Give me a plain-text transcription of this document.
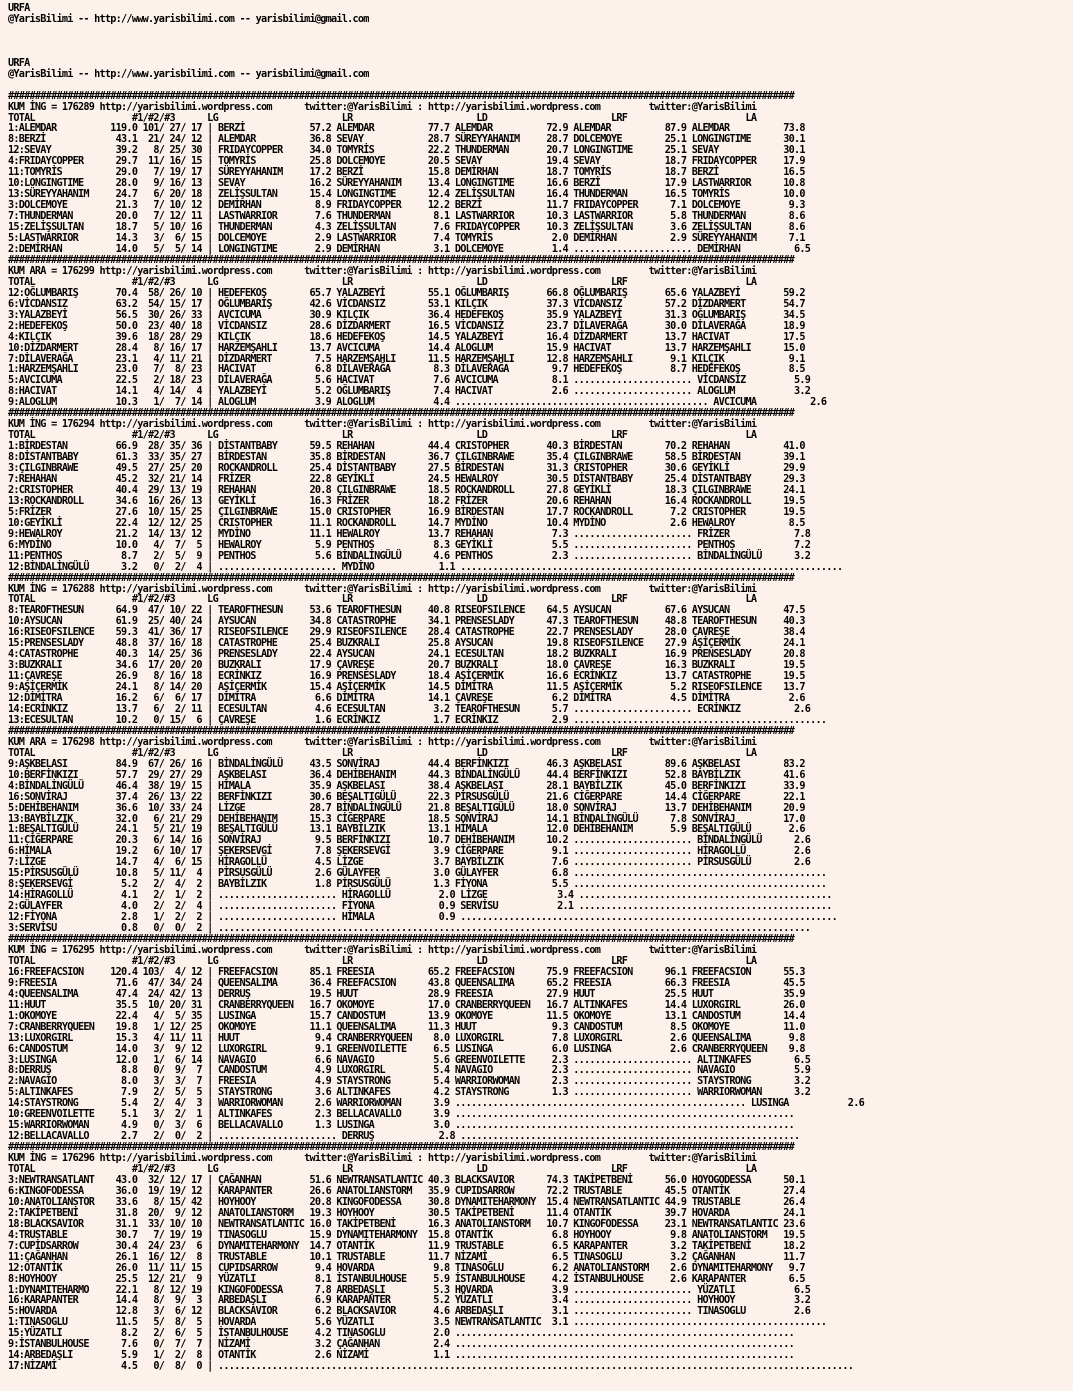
URFA
@YarisBilimi -- http://www.yarisbilimi.com -- yarisbilimi@gmail.com

URFA
@YarisBilimi -- http://www.yarisbilimi.com -- yarisbilimi@gmail.com

##################################################################################################################################################
KUM İNG = 176289 http://yarisbilimi.wordpress.com      twitter:@YarisBilimi : http://yarisbilimi.wordpress.com         twitter:@YarisBilimi
TOTAL                  #1/#2/#3      LG                       LR                       LD                       LRF                      LA
1:ALEMDAR          119.0 101/ 27/ 17 | BERZİ            57.2 ALEMDAR          77.7 ALEMDAR          72.9 ALEMDAR          87.9 ALEMDAR          73.8
8:BERZİ             43.1  21/ 24/ 12 | ALEMDAR          36.8 SEVAY            28.7 SÜREYYAHANIM     28.7 DOLCEMOYE        25.1 LONGINGTIME      30.1
12:SEVAY            39.2   8/ 25/ 30 | FRIDAYCOPPER     34.0 TOMYRİS          22.2 THUNDERMAN       20.7 LONGINGTIME      25.1 SEVAY            30.1
4:FRIDAYCOPPER      29.7  11/ 16/ 15 | TOMYRİS          25.8 DOLCEMOYE        20.5 SEVAY            19.4 SEVAY            18.7 FRIDAYCOPPER     17.9
11:TOMYRİS          29.0   7/ 19/ 17 | SÜREYYAHANIM     17.2 BERZİ            15.8 DEMİRHAN         18.7 TOMYRİS          18.7 BERZİ            16.5
10:LONGINGTIME      28.0   9/ 16/ 13 | SEVAY            16.2 SÜREYYAHANIM     13.4 LONGINGTIME      16.6 BERZİ            17.9 LASTWARRIOR      10.8
13:SÜREYYAHANIM     24.7   6/ 20/ 18 | ZELİŞSULTAN      15.4 LONGINGTIME      12.4 ZELİŞSULTAN      16.4 THUNDERMAN       16.5 TOMYRİS          10.0
3:DOLCEMOYE         21.3   7/ 10/ 12 | DEMİRHAN          8.9 FRIDAYCOPPER     12.2 BERZİ            11.7 FRIDAYCOPPER      7.1 DOLCEMOYE         9.3
7:THUNDERMAN        20.0   7/ 12/ 11 | LASTWARRIOR       7.6 THUNDERMAN        8.1 LASTWARRIOR      10.3 LASTWARRIOR       5.8 THUNDERMAN        8.6
15:ZELİŞSULTAN      18.7   5/ 10/ 16 | THUNDERMAN        4.3 ZELİŞSULTAN       7.6 FRIDAYCOPPER     10.3 ZELİŞSULTAN       3.6 ZELİŞSULTAN       8.6
5:LASTWARRIOR       14.3   3/  6/ 15 | DOLCEMOYE         2.9 LASTWARRIOR       7.4 TOMYRİS           2.0 DEMİRHAN          2.9 SÜREYYAHANIM      7.1
2:DEMİRHAN          14.0   5/  5/ 14 | LONGINGTIME       2.9 DEMİRHAN          3.1 DOLCEMOYE         1.4 ...................... DEMİRHAN          6.5
##################################################################################################################################################
KUM ARA = 176299 http://yarisbilimi.wordpress.com      twitter:@YarisBilimi : http://yarisbilimi.wordpress.com         twitter:@YarisBilimi
TOTAL                  #1/#2/#3      LG                       LR                       LD                       LRF                      LA
12:OĞLUMBARIŞ       70.4  58/ 26/ 10 | HEDEFEKOŞ        65.7 YALAZBEYİ        55.1 OĞLUMBARIŞ       66.8 OĞLUMBARIŞ       65.6 YALAZBEYİ        59.2
6:VİCDANSIZ         63.2  54/ 15/ 17 | OĞLUMBARIŞ       42.6 VİCDANSIZ        53.1 KILÇIK           37.3 VİCDANSIZ        57.2 DİZDARMERT       54.7
3:YALAZBEYİ         56.5  30/ 26/ 33 | AVCICUMA         30.9 KILÇIK           36.4 HEDEFEKOŞ        35.9 YALAZBEYİ        31.3 OĞLUMBARIŞ       34.5
2:HEDEFEKOŞ         50.0  23/ 40/ 18 | VİCDANSIZ        28.6 DİZDARMERT       16.5 VİCDANSIZ        23.7 DİLAVERAĞA       30.0 DİLAVERAĞA       18.9
4:KILÇIK            39.6  18/ 28/ 29 | KILÇIK           18.6 HEDEFEKOŞ        14.5 YALAZBEYİ        16.4 DİZDARMERT       13.7 HACIVAT          17.5
10:DİZDARMERT       28.4   8/ 16/ 17 | HARZEMŞAHLI      13.7 AVCICUMA         14.4 ALOGLUM          15.9 HACIVAT          13.7 HARZEMŞAHLI      15.0
7:DİLAVERAĞA        23.1   4/ 11/ 21 | DİZDARMERT        7.5 HARZEMŞAHLI      11.5 HARZEMŞAHLI      12.8 HARZEMŞAHLI       9.1 KILÇIK            9.1
1:HARZEMŞAHLI       23.0   7/  8/ 23 | HACIVAT           6.8 DİLAVERAĞA        8.3 DİLAVERAĞA        9.7 HEDEFEKOŞ         8.7 HEDEFEKOŞ         8.5
5:AVCICUMA          22.5   2/ 18/ 23 | DİLAVERAĞA        5.6 HACIVAT           7.6 AVCICUMA          8.1 ...................... VİCDANSIZ         5.9
8:HACIVAT           14.1   4/ 14/  4 | YALAZBEYİ         5.2 OĞLUMBARIŞ        7.4 HACIVAT           2.6 ...................... ALOGLUM           3.2
9:ALOGLUM           10.3   1/  7/ 14 | ALOGLUM           3.9 ALOGLUM           4.4 ............................................... AVCICUMA          2.6
##################################################################################################################################################
KUM İNG = 176294 http://yarisbilimi.wordpress.com      twitter:@YarisBilimi : http://yarisbilimi.wordpress.com         twitter:@YarisBilimi
TOTAL                  #1/#2/#3      LG                       LR                       LD                       LRF                      LA
1:BİRDESTAN         66.9  28/ 35/ 36 | DİSTANTBABY      59.5 REHAHAN          44.4 CRISTOPHER       40.3 BİRDESTAN        70.2 REHAHAN          41.0
8:DİSTANTBABY       61.3  33/ 35/ 27 | BİRDESTAN        35.8 BİRDESTAN        36.7 ÇILGINBRAWE      35.4 ÇILGINBRAWE      58.5 BİRDESTAN        39.1
3:ÇILGINBRAWE       49.5  27/ 25/ 20 | ROCKANDROLL      25.4 DİSTANTBABY      27.5 BİRDESTAN        31.3 CRISTOPHER       30.6 GEYİKLİ          29.9
7:REHAHAN           45.2  32/ 21/ 14 | FRİZER           22.8 GEYİKLİ          24.5 HEWALROY         30.5 DİSTANTBABY      25.4 DİSTANTBABY      29.3
2:CRISTOPHER        40.4  29/ 13/ 19 | REHAHAN          20.8 ÇILGINBRAWE      18.5 ROCKANDROLL      27.8 GEYİKLİ          18.3 ÇILGINBRAWE      24.1
13:ROCKANDROLL      34.6  16/ 26/ 13 | GEYİKLİ          16.3 FRİZER           18.2 FRİZER           20.6 REHAHAN          16.4 ROCKANDROLL      19.5
5:FRİZER            27.6  10/ 15/ 25 | ÇILGINBRAWE      15.0 CRISTOPHER       16.9 BİRDESTAN        17.7 ROCKANDROLL       7.2 CRISTOPHER       19.5
10:GEYİKLİ          22.4  12/ 12/ 25 | CRISTOPHER       11.1 ROCKANDROLL      14.7 MYDİNO           10.4 MYDİNO            2.6 HEWALROY          8.5
9:HEWALROY          21.2  14/ 13/ 12 | MYDİNO           11.1 HEWALROY         13.7 REHAHAN           7.3 ...................... FRİZER            7.8
6:MYDİNO            10.0   4/  7/  5 | HEWALROY          5.9 PENTHOS           8.3 GEYİKLİ           5.5 ...................... PENTHOS           7.2
11:PENTHOS           8.7   2/  5/  9 | PENTHOS           5.6 BİNDALİNGÜLÜ      4.6 PENTHOS           2.3 ...................... BİNDALİNGÜLÜ      3.2
12:BİNDALİNGÜLÜ      3.2   0/  2/  4 | ...................... MYDİNO            1.1 .......................................................................
##################################################################################################################################################
KUM İNG = 176288 http://yarisbilimi.wordpress.com      twitter:@YarisBilimi : http://yarisbilimi.wordpress.com         twitter:@YarisBilimi
TOTAL                  #1/#2/#3      LG                       LR                       LD                       LRF                      LA
8:TEAROFTHESUN      64.9  47/ 10/ 22 | TEAROFTHESUN     53.6 TEAROFTHESUN     40.8 RISEOFSILENCE    64.5 AYSUCAN          67.6 AYSUCAN          47.5
10:AYSUCAN          61.9  25/ 40/ 24 | AYSUCAN          34.8 CATASTROPHE      34.1 PRENSESLADY      47.3 TEAROFTHESUN     48.8 TEAROFTHESUN     40.3
16:RISEOFSILENCE    59.3  41/ 36/ 17 | RISEOFSILENCE    29.9 RISEOFSILENCE    28.4 CATASTROPHE      22.7 PRENSESLADY      28.0 ÇAVREŞE          38.4
15:PRENSESLADY      48.8  37/ 16/ 18 | CATASTROPHE      25.4 BUZKRALI         25.8 AYSUCAN          19.8 RISEOFSILENCE    27.9 AŞİÇERMİK        24.1
4:CATASTROPHE       40.3  14/ 25/ 36 | PRENSESLADY      22.4 AYSUCAN          24.1 ECESULTAN        18.2 BUZKRALI         16.9 PRENSESLADY      20.8
3:BUZKRALI          34.6  17/ 20/ 20 | BUZKRALI         17.9 ÇAVREŞE          20.7 BUZKRALI         18.0 ÇAVREŞE          16.3 BUZKRALI         19.5
11:ÇAVREŞE          26.9   8/ 16/ 18 | ECRİNKIZ         16.9 PRENSESLADY      18.4 AŞİÇERMİK        16.6 ECRİNKIZ         13.7 CATASTROPHE      19.5
9:AŞİÇERMİK         24.1   8/ 14/ 20 | AŞİÇERMİK        15.4 AŞİÇERMİK        14.5 DİMİTRA          11.5 AŞİÇERMİK         5.2 RISEOFSILENCE    13.7
12:DİMİTRA          16.2   6/  6/ 17 | DİMİTRA           6.6 DİMİTRA          14.1 ÇAVREŞE           6.2 DİMİTRA           4.5 DİMİTRA           2.6
14:ECRİNKIZ         13.7   6/  2/ 11 | ECESULTAN         4.6 ECESULTAN         3.2 TEAROFTHESUN      5.7 ...................... ECRİNKIZ          2.6
13:ECESULTAN        10.2   0/ 15/  6 | ÇAVREŞE           1.6 ECRİNKIZ          1.7 ECRİNKIZ          2.9 ...............................................
##################################################################################################################################################
KUM ARA = 176298 http://yarisbilimi.wordpress.com      twitter:@YarisBilimi : http://yarisbilimi.wordpress.com         twitter:@YarisBilimi
TOTAL                  #1/#2/#3      LG                       LR                       LD                       LRF                      LA
9:AŞKBELASI         84.9  67/ 26/ 16 | BİNDALİNGÜLÜ     43.5 SONVİRAJ         44.4 BERFİNKIZI       46.3 AŞKBELASI        89.6 AŞKBELASI        83.2
10:BERFİNKIZI       57.7  29/ 27/ 29 | AŞKBELASI        36.4 DEHİBEHANIM      44.3 BİNDALİNGÜLÜ     44.4 BERFİNKIZI       52.8 BAYBİLZIK        41.6
4:BİNDALİNGÜLÜ      46.4  38/ 19/ 15 | HİMALA           35.9 AŞKBELASI        38.4 AŞKBELASI        28.1 BAYBİLZIK        45.0 BERFİNKIZI       33.9
16:SONVİRAJ         37.4  26/ 13/ 22 | BERFİNKIZI       30.6 BEŞALTIGÜLÜ      22.3 PİRSUSGÜLÜ       21.6 CİĞERPARE        14.4 CİĞERPARE        22.1
5:DEHİBEHANIM       36.6  10/ 33/ 24 | LİZGE            28.7 BİNDALİNGÜLÜ     21.8 BEŞALTIGÜLÜ      18.0 SONVİRAJ         13.7 DEHİBEHANIM      20.9
13:BAYBİLZIK        32.0   6/ 21/ 29 | DEHİBEHANIM      15.3 CİĞERPARE        18.5 SONVİRAJ         14.1 BİNDALİNGÜLÜ      7.8 SONVİRAJ         17.0
1:BEŞALTIGÜLÜ       24.1   5/ 21/ 19 | BEŞALTIGÜLÜ      13.1 BAYBİLZIK        13.1 HİMALA           12.0 DEHİBEHANIM       5.9 BEŞALTIGÜLÜ       2.6
11:CİĞERPARE        20.3   6/ 14/ 16 | SONVİRAJ          9.5 BERFİNKIZI       10.7 DEHİBEHANIM      10.2 ...................... BİNDALİNGÜLÜ      2.6
6:HİMALA            19.2   6/ 10/ 17 | ŞEKERSEVGİ        7.8 ŞEKERSEVGİ        3.9 CİĞERPARE         9.1 ...................... HİRAGOLLÜ         2.6
7:LİZGE             14.7   4/  6/ 15 | HİRAGOLLÜ         4.5 LİZGE             3.7 BAYBİLZIK         7.6 ...................... PİRSUSGÜLÜ        2.6
15:PİRSUSGÜLÜ       10.8   5/ 11/  4 | PİRSUSGÜLÜ        2.6 GÜLAYFER          3.0 GÜLAYFER          6.8 ...............................................
8:ŞEKERSEVGİ         5.2   2/  4/  2 | BAYBİLZIK         1.8 PİRSUSGÜLÜ        1.3 FİYONA            5.5 ...............................................
14:HİRAGOLLÜ         4.1   2/  1/  2 | ...................... HİRAGOLLÜ         2.0 LİZGE             3.4 ...............................................
2:GÜLAYFER           4.0   2/  2/  4 | ...................... FİYONA            0.9 SERVİSU           2.1 ...............................................
12:FİYONA            2.8   1/  2/  2 | ...................... HİMALA            0.9 ......................................................................
3:SERVİSU            0.8   0/  0/  2 | ..............................................................................................................
##################################################################################################################################################
KUM İNG = 176295 http://yarisbilimi.wordpress.com      twitter:@YarisBilimi : http://yarisbilimi.wordpress.com         twitter:@YarisBilimi
TOTAL                  #1/#2/#3      LG                       LR                       LD                       LRF                      LA
16:FREEFACSION     120.4 103/  4/ 12 | FREEFACSION      85.1 FREESIA          65.2 FREEFACSION      75.9 FREEFACSION      96.1 FREEFACSION      55.3
9:FREESIA           71.6  47/ 34/ 24 | QUEENSALIMA      36.4 FREEFACSION      43.8 QUEENSALIMA      65.2 FREESIA          66.3 FREESIA          45.5
4:QUEENSALIMA       47.4  24/ 42/ 13 | DERRUŞ           19.5 HUUT             28.9 FREESIA          27.9 HUUT             25.5 HUUT             35.9
11:HUUT             35.5  10/ 20/ 31 | CRANBERRYQUEEN   16.7 OKOMOYE          17.0 CRANBERRYQUEEN   16.7 ALTINKAFES       14.4 LUXORGIRL        26.0
1:OKOMOYE           22.4   4/  5/ 35 | LUSINGA          15.7 CANDOSTUM        13.9 OKOMOYE          11.5 OKOMOYE          13.1 CANDOSTUM        14.4
7:CRANBERRYQUEEN    19.8   1/ 12/ 25 | OKOMOYE          11.1 QUEENSALIMA      11.3 HUUT              9.3 CANDOSTUM         8.5 OKOMOYE          11.0
13:LUXORGIRL        15.3   4/ 11/ 11 | HUUT              9.4 CRANBERRYQUEEN    8.0 LUXORGIRL         7.8 LUXORGIRL         2.6 QUEENSALIMA       9.8
6:CANDOSTUM         14.0   3/  9/ 12 | LUXORGIRL         9.1 GREENVOILETTE     6.5 LUSINGA           6.0 LUSINGA           2.6 CRANBERRYQUEEN    9.8
3:LUSINGA           12.0   1/  6/ 14 | NAVAGIO           6.6 NAVAGIO           5.6 GREENVOILETTE     2.3 ...................... ALTINKAFES        6.5
8:DERRUŞ             8.8   0/  9/  7 | CANDOSTUM         4.9 LUXORGIRL         5.4 NAVAGIO           2.3 ...................... NAVAGIO           5.9
2:NAVAGIO            8.0   3/  3/  7 | FREESIA           4.9 STAYSTRONG        5.4 WARRIORWOMAN      2.3 ...................... STAYSTRONG        3.2
5:ALTINKAFES         7.9   2/  5/  5 | STAYSTRONG        3.6 ALTINKAFES        4.2 STAYSTRONG        1.3 ...................... WARRIORWOMAN      3.2
14:STAYSTRONG        5.4   2/  4/  3 | WARRIORWOMAN      2.6 WARRIORWOMAN      3.9 ...................................................... LUSINGA           2.6
10:GREENVOILETTE     5.1   3/  2/  1 | ALTINKAFES        2.3 BELLACAVALLO      3.9 ...............................................................
15:WARRIORWOMAN      4.9   0/  3/  6 | BELLACAVALLO      1.3 LUSINGA           3.0 ...............................................................
12:BELLACAVALLO      2.7   2/  0/  2 | ...................... DERRUŞ            2.8 ...............................................................
##################################################################################################################################################
KUM İNG = 176296 http://yarisbilimi.wordpress.com      twitter:@YarisBilimi : http://yarisbilimi.wordpress.com         twitter:@YarisBilimi
TOTAL                  #1/#2/#3      LG                       LR                       LD                       LRF                      LA
3:NEWTRANSATLANT    43.0  32/ 12/ 17 | ÇAĞANHAN         51.6 NEWTRANSATLANTIC 40.3 BLACKSAVIOR      74.3 TAKİPETBENİ      56.0 HOYOGODESSA      50.1
6:KINGOFODESSA      36.0  19/ 19/ 12 | KARAPANTER       26.6 ANATOLIANSTORM   35.9 CUPIDSARROW      72.2 TRUSTABLE        45.5 OTANTİK          27.4
10:ANATOLIANSTOR    33.6   8/ 15/ 42 | HOYHOOY          20.8 KINGOFODESSA     30.8 DYNAMITEHARMONY  15.4 NEWTRANSATLANTIC 44.9 TRUSTABLE        26.4
2:TAKİPETBENİ       31.8  20/  9/ 12 | ANATOLIANSTORM   19.3 HOYHOOY          30.5 TAKİPETBENİ      11.4 OTANTİK          39.7 HOVARDA          24.1
18:BLACKSAVIOR      31.1  33/ 10/ 10 | NEWTRANSATLANTIC 16.0 TAKİPETBENİ      16.3 ANATOLIANSTORM   10.7 KINGOFODESSA     23.1 NEWTRANSATLANTIC 23.6
4:TRUSTABLE         30.7   7/ 19/ 19 | TINASOGLU        15.9 DYNAMITEHARMONY  15.8 OTANTİK           6.8 HOYHOOY           9.8 ANATOLIANSTORM   19.5
7:CUPİDSARROW       30.4  24/ 23/  6 | DYNAMITEHARMONY  14.7 OTANTİK          11.9 TRUSTABLE         6.5 KARAPANTER        3.2 TAKİPETBENİ      18.2
11:ÇAĞANHAN         26.1  16/ 12/  8 | TRUSTABLE        10.1 TRUSTABLE        11.7 NİZAMİ            6.5 TINASOGLU         3.2 ÇAĞANHAN         11.7
12:OTANTİK          26.0  11/ 11/ 15 | CUPIDSARROW       9.4 HOVARDA           9.8 TINASOĞLU         6.2 ANATOLIANSTORM    2.6 DYNAMITEHARMONY   9.7
8:HOYHOOY           25.5  12/ 21/  9 | YÜZATLI           8.1 İSTANBULHOUSE     5.9 İSTANBULHOUSE     4.2 İSTANBULHOUSE     2.6 KARAPANTER        6.5
1:DYNAMITEHARMO     22.1   8/ 12/ 19 | KINGOFODESSA      7.8 ARBEDAŞLI         5.3 HOVARDA           3.9 ...................... YÜZATLI           6.5
16:KARAPANTER       14.4   8/  9/  3 | ARBEDAŞLI         6.9 KARAPANTER        5.2 YÜZATLI           3.4 ...................... HOYHOOY           3.2
5:HOVARDA           12.8   3/  6/ 12 | BLACKSAVIOR       6.2 BLACKSAVIOR       4.6 ARBEDAŞLI         3.1 ...................... TINASOGLU         2.6
1:TINASOGLU         11.5   5/  8/  5 | HOVARDA           5.6 YÜZATLI           3.5 NEWTRANSATLANTIC  3.1 ...............................................
15:YÜZATLI           8.2   2/  6/  5 | İSTANBULHOUSE     4.2 TINASOGLU         2.0 ...............................................................
9:İSTANBULHOUSE      7.6   0/  7/  7 | NİZAMİ            3.2 ÇAĞANHAN          2.4 ...............................................................
14:ARBEDAŞLI         5.9   1/  2/  8 | OTANTİK           2.6 NİZAMİ            1.1 ...............................................................
17:NİZAMİ            4.5   0/  8/  0 | ......................................................................................................................
